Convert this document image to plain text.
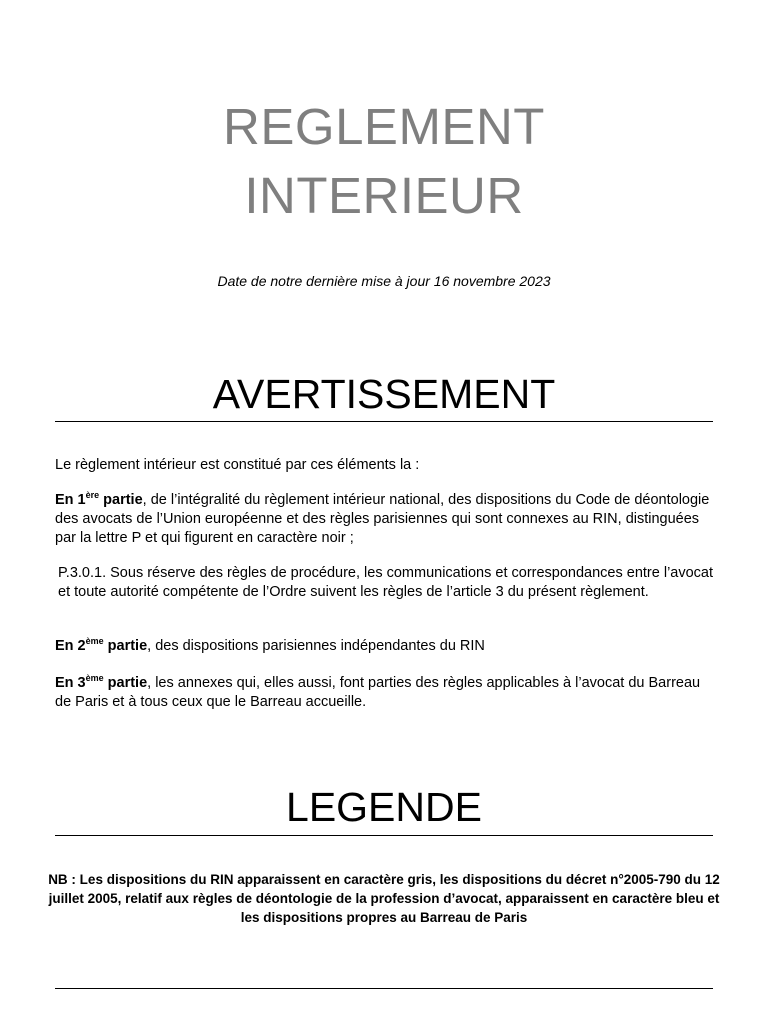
REGLEMENT
INTERIEUR
Date de notre dernière mise à jour 16 novembre 2023
AVERTISSEMENT
Le règlement intérieur est constitué par ces éléments la :
En 1ère partie, de l’intégralité du règlement intérieur national, des dispositions du Code de déontologie des avocats de l’Union européenne et des règles parisiennes qui sont connexes au RIN, distinguées par la lettre P et qui figurent en caractère noir ;
P.3.0.1. Sous réserve des règles de procédure, les communications et correspondances entre l’avocat et toute autorité compétente de l’Ordre suivent les règles de l’article 3 du présent règlement.
En 2ème partie, des dispositions parisiennes indépendantes du RIN
En 3ème partie, les annexes qui, elles aussi, font parties des règles applicables à l’avocat du Barreau de Paris et à tous ceux que le Barreau accueille.
LEGENDE
NB : Les dispositions du RIN apparaissent en caractère gris, les dispositions du décret n°2005-790 du 12 juillet 2005, relatif aux règles de déontologie de la profession d’avocat, apparaissent en caractère bleu et les dispositions propres au Barreau de Paris
